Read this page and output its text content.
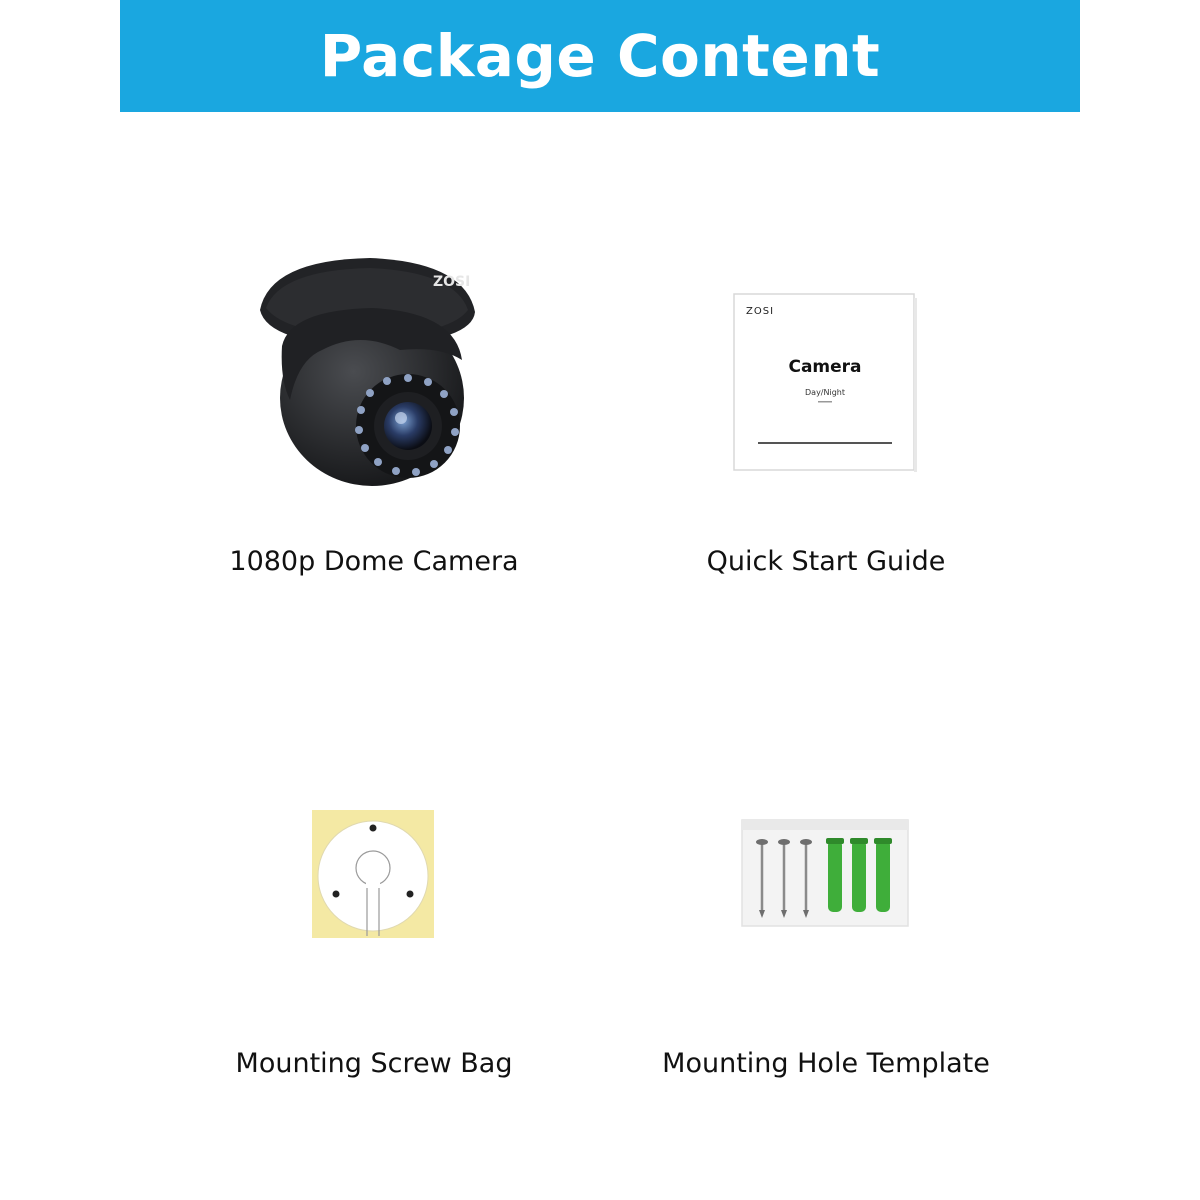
Package Content
ZOSI
1080p Dome Camera
ZOSI
Camera
Day/Night
Quick Start Guide
Mounting Screw Bag	Mounting Hole Template
